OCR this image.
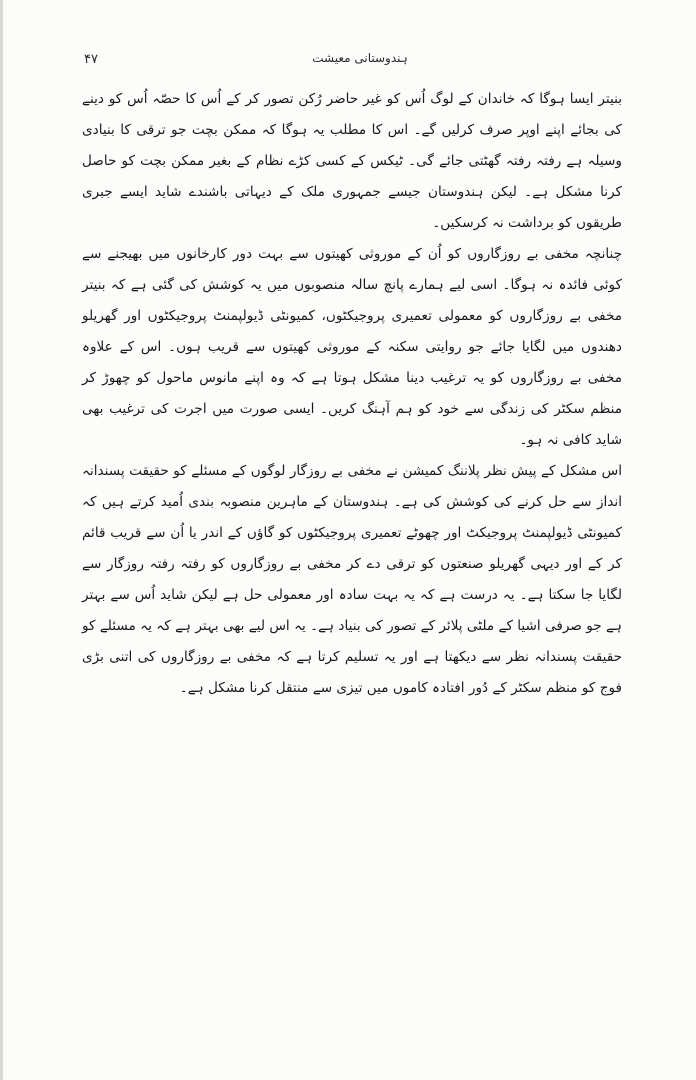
۴۷	ہندوستانی معیشت

بنیتر ایسا ہوگا کہ خاندان کے لوگ اُس کو غیر حاضر رُکن تصور کر کے اُس کا حصّہ اُس کو دینے کی بجائے اپنے اوپر صرف کرلیں گے۔ اس کا مطلب یہ ہوگا کہ ممکن بچت جو ترقی کا بنیادی وسیلہ ہے رفتہ رفتہ گھٹتی جائے گی۔ ٹیکس کے کسی کڑے نظام کے بغیر ممکن بچت کو حاصل کرنا مشکل ہے۔ لیکن ہندوستان جیسے جمہوری ملک کے دیہاتی باشندے شاید ایسے جبری طریقوں کو برداشت نہ کرسکیں۔

چنانچہ مخفی بے روزگاروں کو اُن کے موروثی کھیتوں سے بہت دور کارخانوں میں بھیجنے سے کوئی فائدہ نہ ہوگا۔ اسی لیے ہمارے پانچ سالہ منصوبوں میں یہ کوشش کی گئی ہے کہ بنیتر مخفی بے روزگاروں کو معمولی تعمیری پروجیکٹوں، کمیونٹی ڈیولپمنٹ پروجیکٹوں اور گھریلو دھندوں میں لگایا جائے جو روایتی سکنہ کے موروثی کھیتوں سے قریب ہوں۔ اس کے علاوہ مخفی بے روزگاروں کو یہ ترغیب دینا مشکل ہوتا ہے کہ وہ اپنے مانوس ماحول کو چھوڑ کر منظم سکٹر کی زندگی سے خود کو ہم آہنگ کریں۔ ایسی صورت میں اجرت کی ترغیب بھی شاید کافی نہ ہو۔

اس مشکل کے پیش نظر پلاننگ کمیشن نے مخفی بے روزگار لوگوں کے مسئلے کو حقیقت پسندانہ انداز سے حل کرنے کی کوشش کی ہے۔ ہندوستان کے ماہرین منصوبہ بندی اُمید کرتے ہیں کہ کمیونٹی ڈیولپمنٹ پروجیکٹ اور چھوٹے تعمیری پروجیکٹوں کو گاؤں کے اندر یا اُن سے قریب قائم کر کے اور دیہی گھریلو صنعتوں کو ترقی دے کر مخفی بے روزگاروں کو رفتہ رفتہ روزگار سے لگایا جا سکتا ہے۔ یہ درست ہے کہ یہ بہت سادہ اور معمولی حل ہے لیکن شاید اُس سے بہتر ہے جو صرفی اشیا کے ملٹی پلائر کے تصور کی بنیاد ہے۔ یہ اس لیے بھی بہتر ہے کہ یہ مسئلے کو حقیقت پسندانہ نظر سے دیکھتا ہے اور یہ تسلیم کرتا ہے کہ مخفی بے روزگاروں کی اتنی بڑی فوج کو منظم سکٹر کے دُور افتادہ کاموں میں تیزی سے منتقل کرنا مشکل ہے۔
